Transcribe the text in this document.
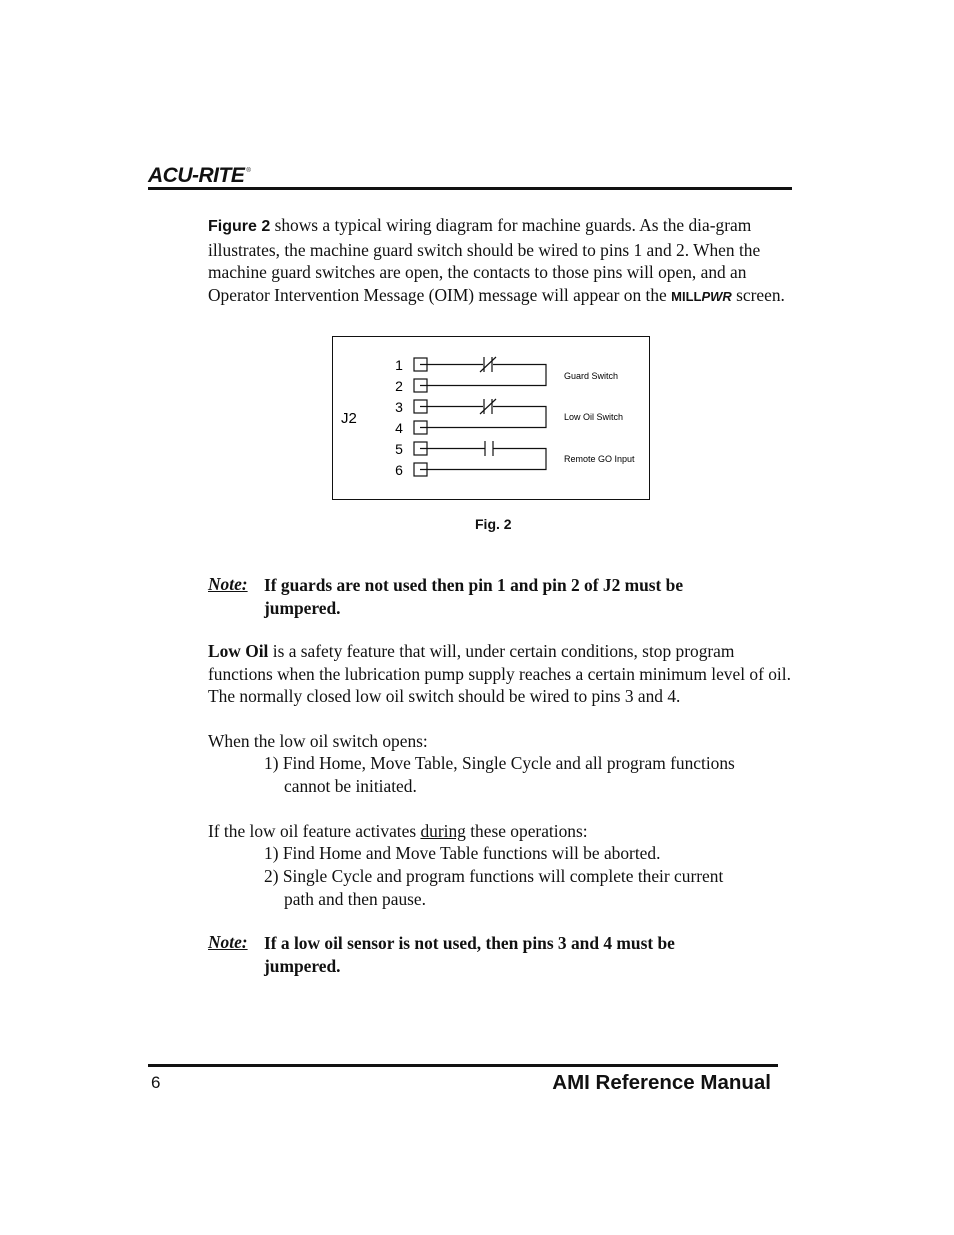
ACU-RITE ®
Figure 2 shows a typical wiring diagram for machine guards. As the dia-gram illustrates, the machine guard switch should be wired to pins 1 and 2. When the machine guard switches are open, the contacts to those pins will open, and an Operator Intervention Message (OIM) message will appear on the MILLPWR screen.
J2
1
2
3
4
5
6
Guard Switch
Low Oil Switch
Remote GO Input
Fig. 2
Note: If guards are not used then pin 1 and pin 2 of J2 must be jumpered.
Low Oil is a safety feature that will, under certain conditions, stop program functions when the lubrication pump supply reaches a certain minimum level of oil. The normally closed low oil switch should be wired to pins 3 and 4.
When the low oil switch opens:
1) Find Home, Move Table, Single Cycle and all program functions
cannot be initiated.
If the low oil feature activates during these operations:
1) Find Home and Move Table functions will be aborted.
2) Single Cycle and program functions will complete their current
path and then pause.
Note: If a low oil sensor is not used, then pins 3 and 4 must be jumpered.
6	AMI Reference Manual
